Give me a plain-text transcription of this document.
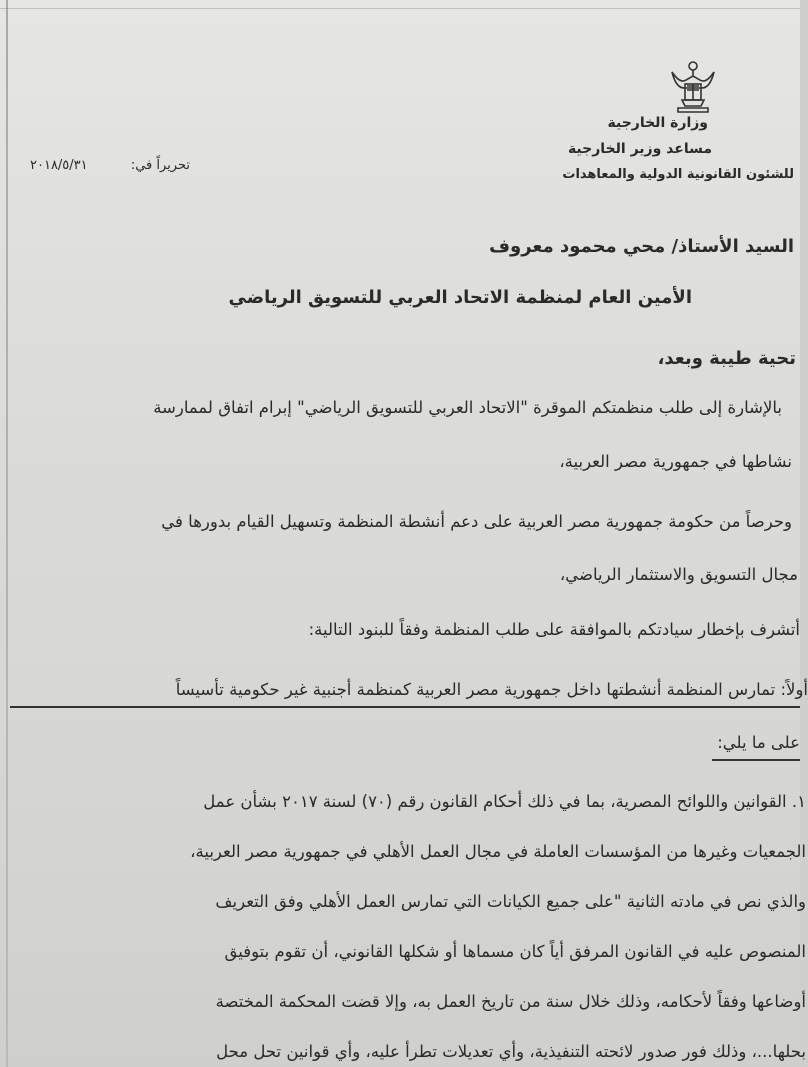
وزارة الخارجية
مساعد وزير الخارجية
للشئون القانونية الدولية والمعاهدات
تحريراً في:
٢٠١٨/٥/٣١
السيد الأستاذ/ محي محمود معروف
الأمين العام لمنظمة الاتحاد العربي للتسويق الرياضي
تحية طيبة وبعد،
بالإشارة إلى طلب منظمتكم الموقرة "الاتحاد العربي للتسويق الرياضي" إبرام اتفاق لممارسة
نشاطها في جمهورية مصر العربية،
وحرصاً من حكومة جمهورية مصر العربية على دعم أنشطة المنظمة وتسهيل القيام بدورها في
مجال التسويق والاستثمار الرياضي،
أتشرف بإخطار سيادتكم بالموافقة على طلب المنظمة وفقاً للبنود التالية:
أولاً: تمارس المنظمة أنشطتها داخل جمهورية مصر العربية كمنظمة أجنبية غير حكومية تأسيساً
على ما يلي:
١. القوانين واللوائح المصرية، بما في ذلك أحكام القانون رقم (٧٠) لسنة ٢٠١٧ بشأن عمل
الجمعيات وغيرها من المؤسسات العاملة في مجال العمل الأهلي في جمهورية مصر العربية،
والذي نص في مادته الثانية "على جميع الكيانات التي تمارس العمل الأهلي وفق التعريف
المنصوص عليه في القانون المرفق أياً كان مسماها أو شكلها القانوني، أن تقوم بتوفيق
أوضاعها وفقاً لأحكامه، وذلك خلال سنة من تاريخ العمل به، وإلا قضت المحكمة المختصة
بحلها...، وذلك فور صدور لائحته التنفيذية، وأي تعديلات تطرأ عليه، وأي قوانين تحل محل
